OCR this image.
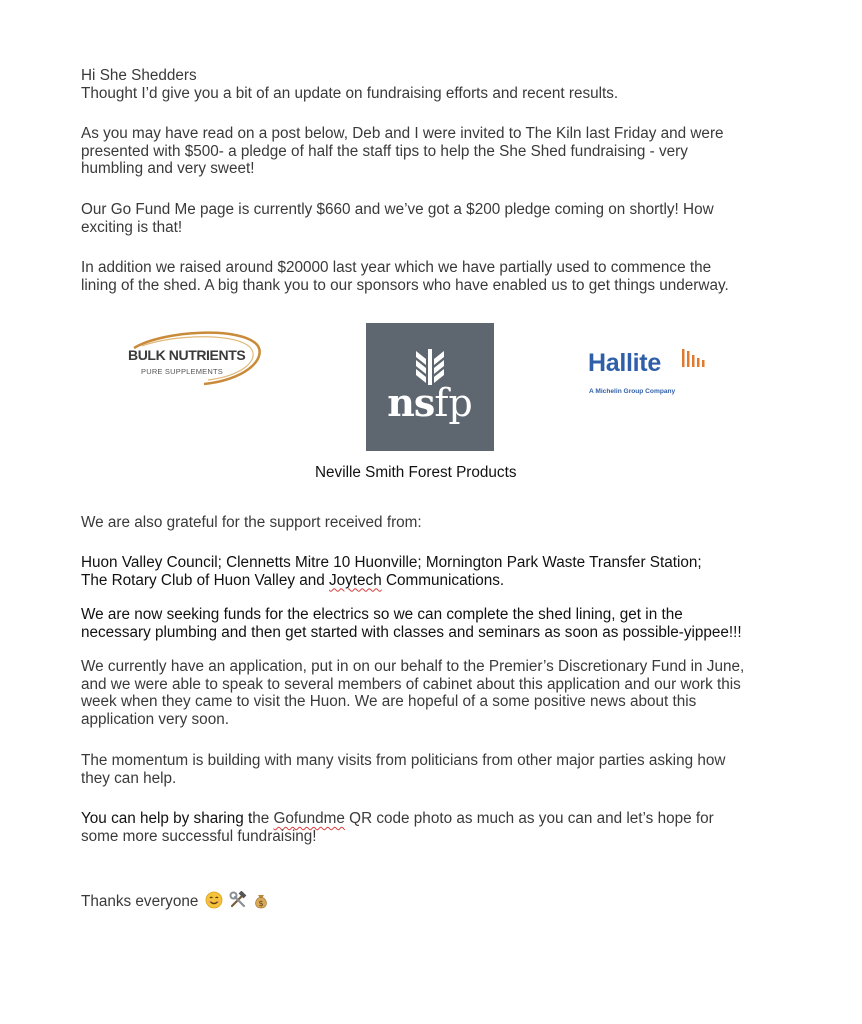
Hi She Shedders
Thought I’d give you a bit of an update on fundraising efforts and recent results.
As you may have read on a post below, Deb and I were invited to The Kiln last Friday and were
presented with $500- a pledge of half the staff tips to help the She Shed fundraising - very
humbling and very sweet!
Our Go Fund Me page is currently $660 and we’ve got a $200 pledge coming on shortly! How
exciting is that!
In addition we raised around $20000 last year which we have partially used to commence the
lining of the shed. A big thank you to our sponsors who have enabled us to get things underway.
BULK NUTRIENTS
PURE SUPPLEMENTS
nsfp
Neville Smith Forest Products
Hallite
A Michelin Group Company
We are also grateful for the support received from:
Huon Valley Council; Clennetts Mitre 10 Huonville; Mornington Park Waste Transfer Station;
The Rotary Club of Huon Valley and Joytech Communications.
We are now seeking funds for the electrics so we can complete the shed lining, get in the
necessary plumbing and then get started with classes and seminars as soon as possible-yippee!!!
We currently have an application, put in on our behalf to the Premier’s Discretionary Fund in June,
and we were able to speak to several members of cabinet about this application and our work this
week when they came to visit the Huon. We are hopeful of a some positive news about this
application very soon.
The momentum is building with many visits from politicians from other major parties asking how
they can help.
You can help by sharing the Gofundme QR code photo as much as you can and let’s hope for
some more successful fundraising!
Thanks everyone	$
